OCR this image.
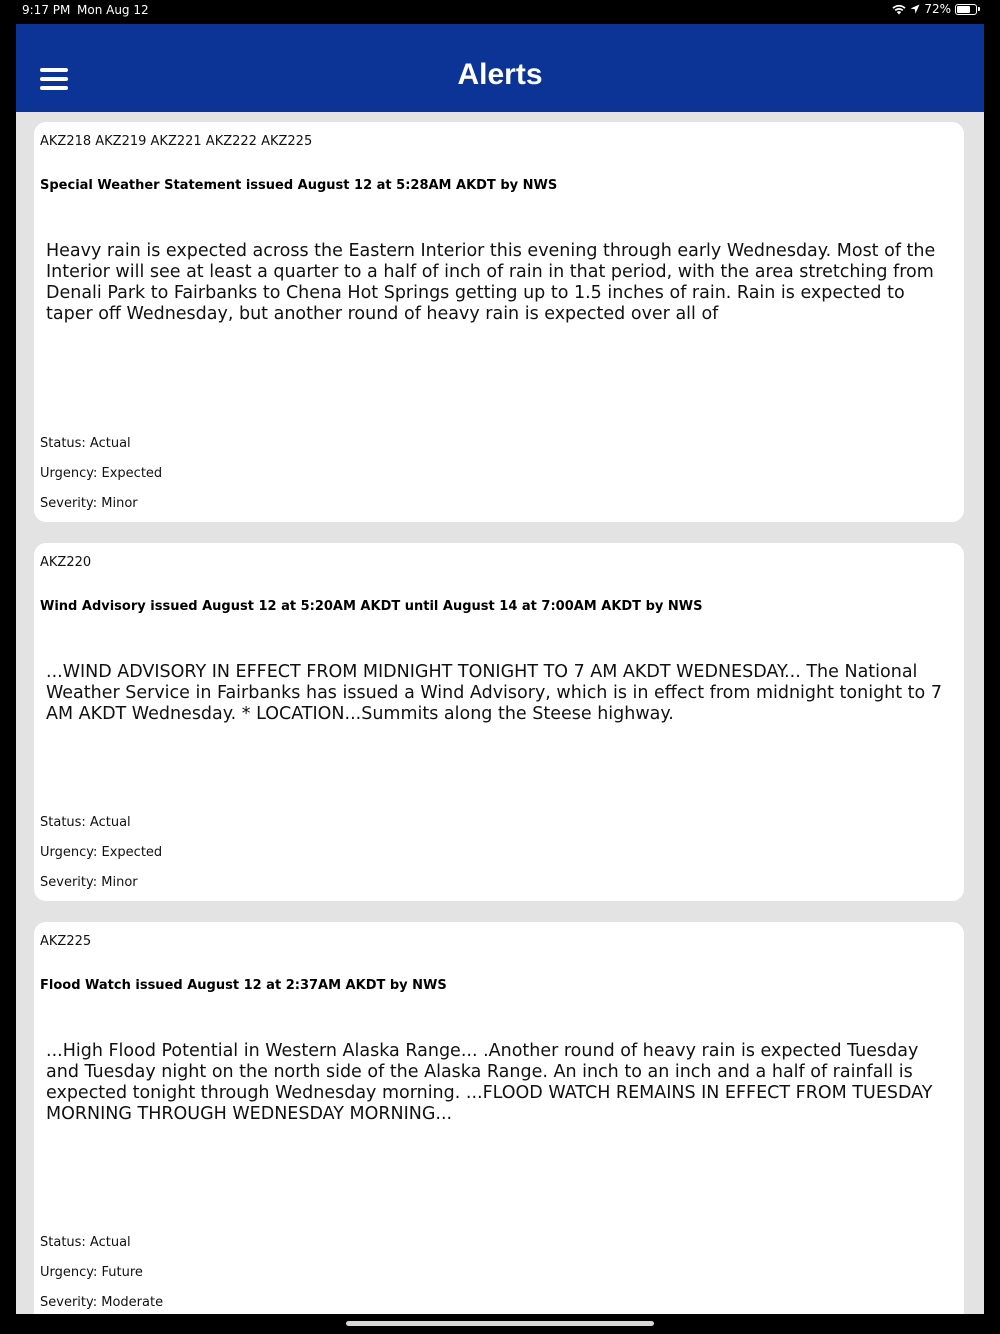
9:17 PM Mon Aug 12	72%
Alerts
AKZ218 AKZ219 AKZ221 AKZ222 AKZ225
Special Weather Statement issued August 12 at 5:28AM AKDT by NWS
Heavy rain is expected across the Eastern Interior this evening through early Wednesday. Most of the Interior will see at least a quarter to a half of inch of rain in that period, with the area stretching from Denali Park to Fairbanks to Chena Hot Springs getting up to 1.5 inches of rain. Rain is expected to taper off Wednesday, but another round of heavy rain is expected over all of
Status: Actual
Urgency: Expected
Severity: Minor
AKZ220
Wind Advisory issued August 12 at 5:20AM AKDT until August 14 at 7:00AM AKDT by NWS
...WIND ADVISORY IN EFFECT FROM MIDNIGHT TONIGHT TO 7 AM AKDT WEDNESDAY... The National Weather Service in Fairbanks has issued a Wind Advisory, which is in effect from midnight tonight to 7 AM AKDT Wednesday. * LOCATION...Summits along the Steese highway.
Status: Actual
Urgency: Expected
Severity: Minor
AKZ225
Flood Watch issued August 12 at 2:37AM AKDT by NWS
...High Flood Potential in Western Alaska Range... .Another round of heavy rain is expected Tuesday and Tuesday night on the north side of the Alaska Range. An inch to an inch and a half of rainfall is expected tonight through Wednesday morning. ...FLOOD WATCH REMAINS IN EFFECT FROM TUESDAY MORNING THROUGH WEDNESDAY MORNING...
Status: Actual
Urgency: Future
Severity: Moderate
